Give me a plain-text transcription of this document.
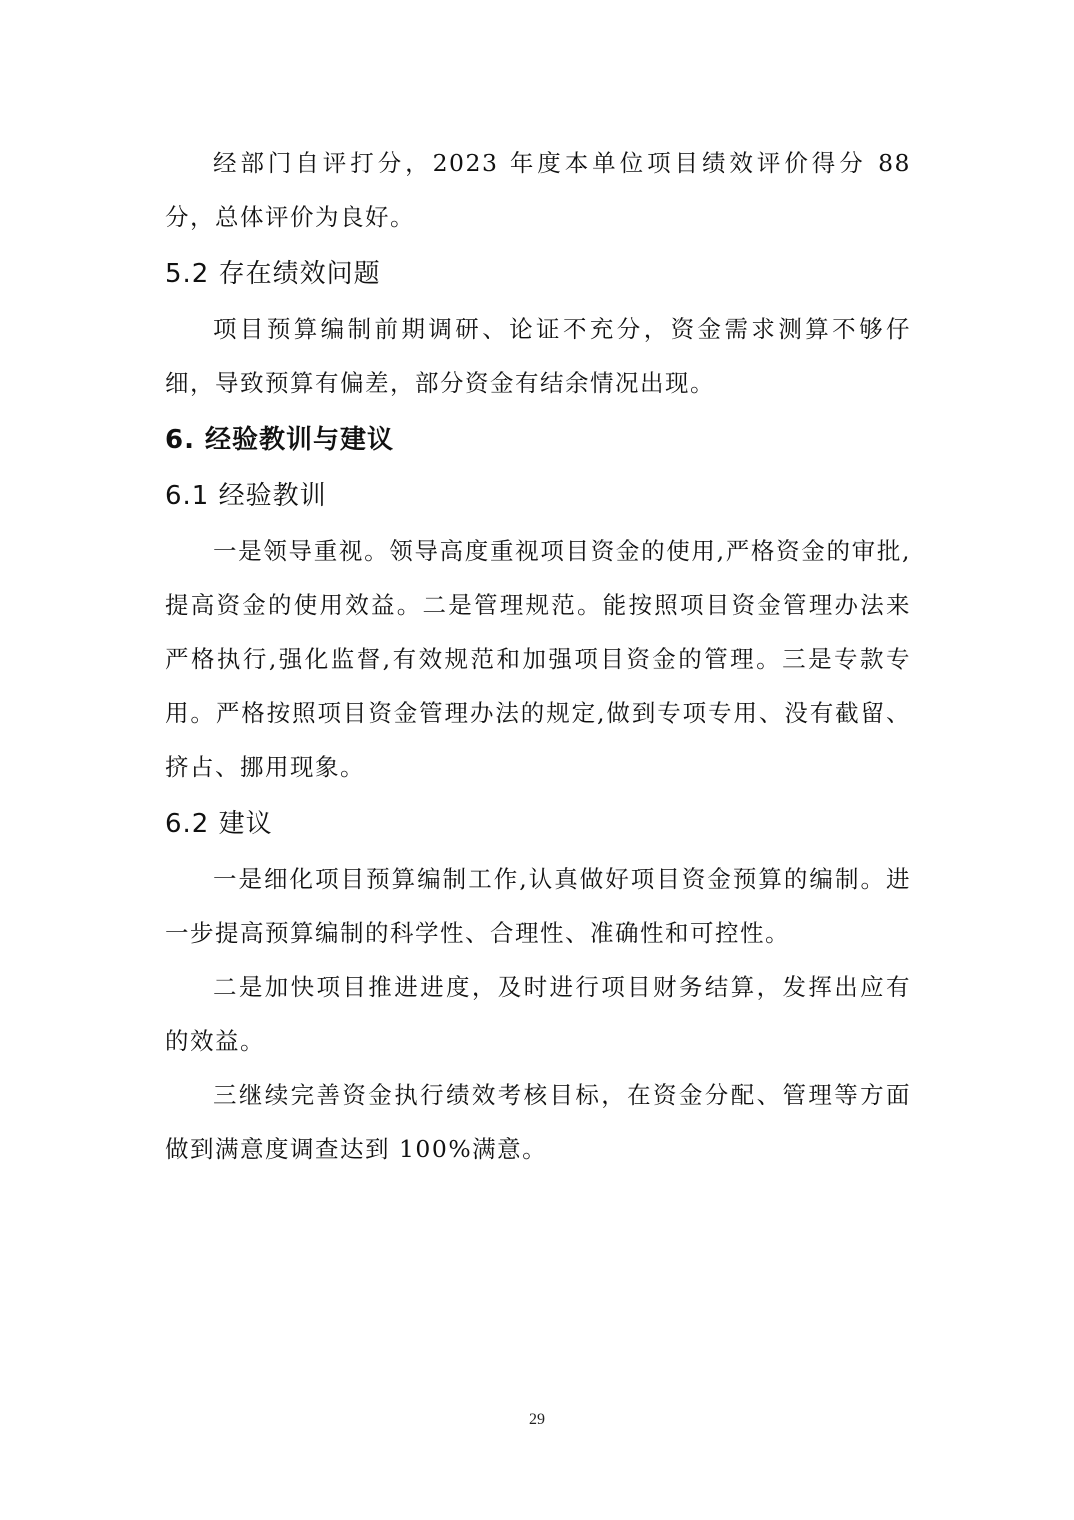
经部门自评打分，2023 年度本单位项目绩效评价得分 88 分，总体评价为良好。

5.2 存在绩效问题

项目预算编制前期调研、论证不充分，资金需求测算不够仔细，导致预算有偏差，部分资金有结余情况出现。

6. 经验教训与建议
6.1 经验教训

一是领导重视。领导高度重视项目资金的使用,严格资金的审批,提高资金的使用效益。二是管理规范。能按照项目资金管理办法来严格执行,强化监督,有效规范和加强项目资金的管理。三是专款专用。严格按照项目资金管理办法的规定,做到专项专用、没有截留、挤占、挪用现象。

6.2 建议

一是细化项目预算编制工作,认真做好项目资金预算的编制。进一步提高预算编制的科学性、合理性、准确性和可控性。

二是加快项目推进进度，及时进行项目财务结算，发挥出应有的效益。

三继续完善资金执行绩效考核目标，在资金分配、管理等方面做到满意度调查达到 100%满意。

29
